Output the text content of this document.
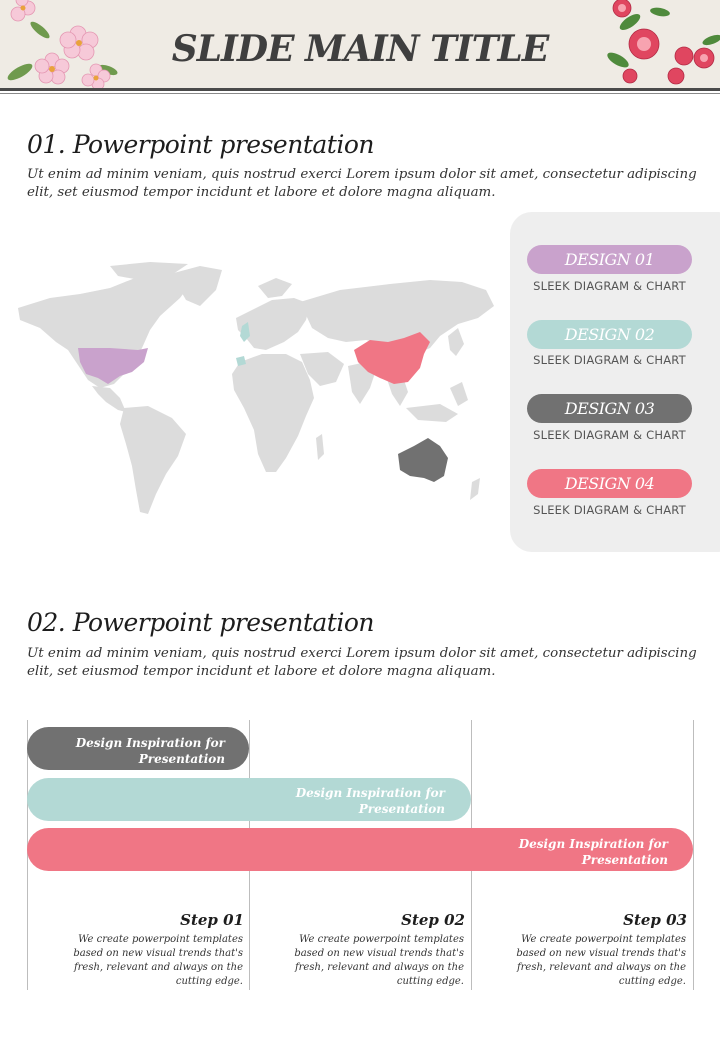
SLIDE MAIN TITLE
01. Powerpoint presentation
Ut enim ad minim veniam, quis nostrud exerci Lorem ipsum dolor sit amet, consectetur adipiscing elit, set eiusmod tempor incidunt et labore et dolore magna aliquam.
DESIGN 01
SLEEK DIAGRAM & CHART
DESIGN 02
SLEEK DIAGRAM & CHART
DESIGN 03
SLEEK DIAGRAM & CHART
DESIGN 04
SLEEK DIAGRAM & CHART
02. Powerpoint presentation
Ut enim ad minim veniam, quis nostrud exerci Lorem ipsum dolor sit amet, consectetur adipiscing elit, set eiusmod tempor incidunt et labore et dolore magna aliquam.
Design Inspiration for
Presentation
Design Inspiration for
Presentation
Design Inspiration for
Presentation
Step 01
We create powerpoint templates
based on new visual trends that's
fresh, relevant and always on the
cutting edge.
Step 02
We create powerpoint templates
based on new visual trends that's
fresh, relevant and always on the
cutting edge.
Step 03
We create powerpoint templates
based on new visual trends that's
fresh, relevant and always on the
cutting edge.
